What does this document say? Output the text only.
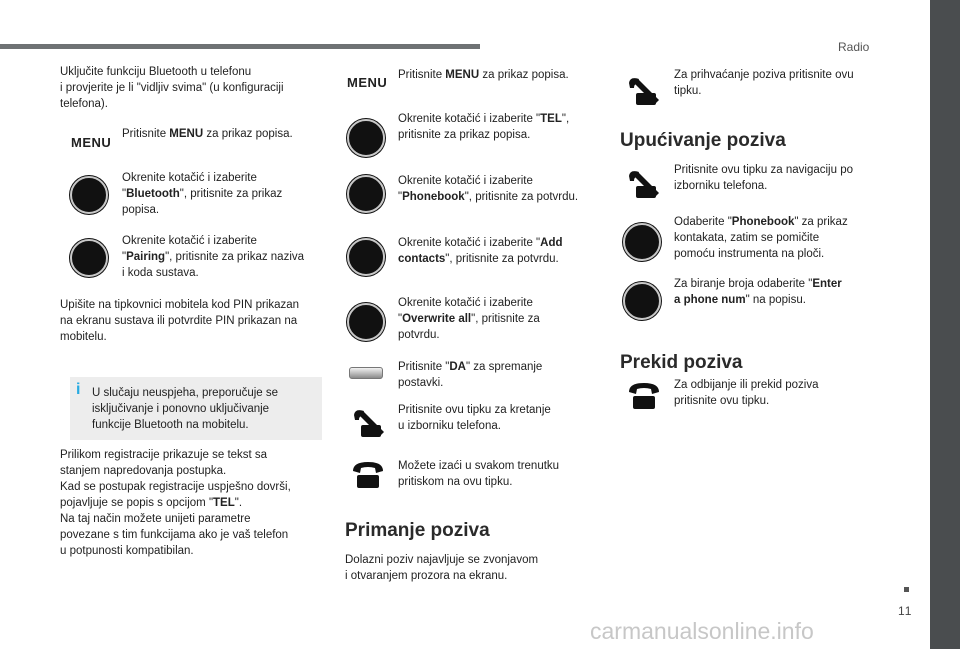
Radio
11
carmanualsonline.info
Uključite funkciju Bluetooth u telefonu
i provjerite je li "vidljiv svima" (u konfiguraciji
telefona).
MENU
Pritisnite MENU za prikaz popisa.
Okrenite kotačić i izaberite
"Bluetooth", pritisnite za prikaz
popisa.
Okrenite kotačić i izaberite
"Pairing", pritisnite za prikaz naziva
i koda sustava.
Upišite na tipkovnici mobitela kod PIN prikazan
na ekranu sustava ili potvrdite PIN prikazan na
mobitelu.
i U slučaju neuspjeha, preporučuje se
isključivanje i ponovno uključivanje
funkcije Bluetooth na mobitelu.
Prilikom registracije prikazuje se tekst sa
stanjem napredovanja postupka.
Kad se postupak registracije uspješno dovrši,
pojavljuje se popis s opcijom "TEL".
Na taj način možete unijeti parametre
povezane s tim funkcijama ako je vaš telefon
u potpunosti kompatibilan.
MENU Pritisnite MENU za prikaz popisa.
Okrenite kotačić i izaberite "TEL",
pritisnite za prikaz popisa.
Okrenite kotačić i izaberite
"Phonebook", pritisnite za potvrdu.
Okrenite kotačić i izaberite "Add
contacts", pritisnite za potvrdu.
Okrenite kotačić i izaberite
"Overwrite all", pritisnite za
potvrdu.
Pritisnite "DA" za spremanje
postavki.
Pritisnite ovu tipku za kretanje
u izborniku telefona.
Možete izaći u svakom trenutku
pritiskom na ovu tipku.
Primanje poziva
Dolazni poziv najavljuje se zvonjavom
i otvaranjem prozora na ekranu.
Za prihvaćanje poziva pritisnite ovu
tipku.
Upućivanje poziva
Pritisnite ovu tipku za navigaciju po
izborniku telefona.
Odaberite "Phonebook" za prikaz
kontakata, zatim se pomičite
pomoću instrumenta na ploči.
Za biranje broja odaberite "Enter
a phone num" na popisu.
Prekid poziva
Za odbijanje ili prekid poziva
pritisnite ovu tipku.
